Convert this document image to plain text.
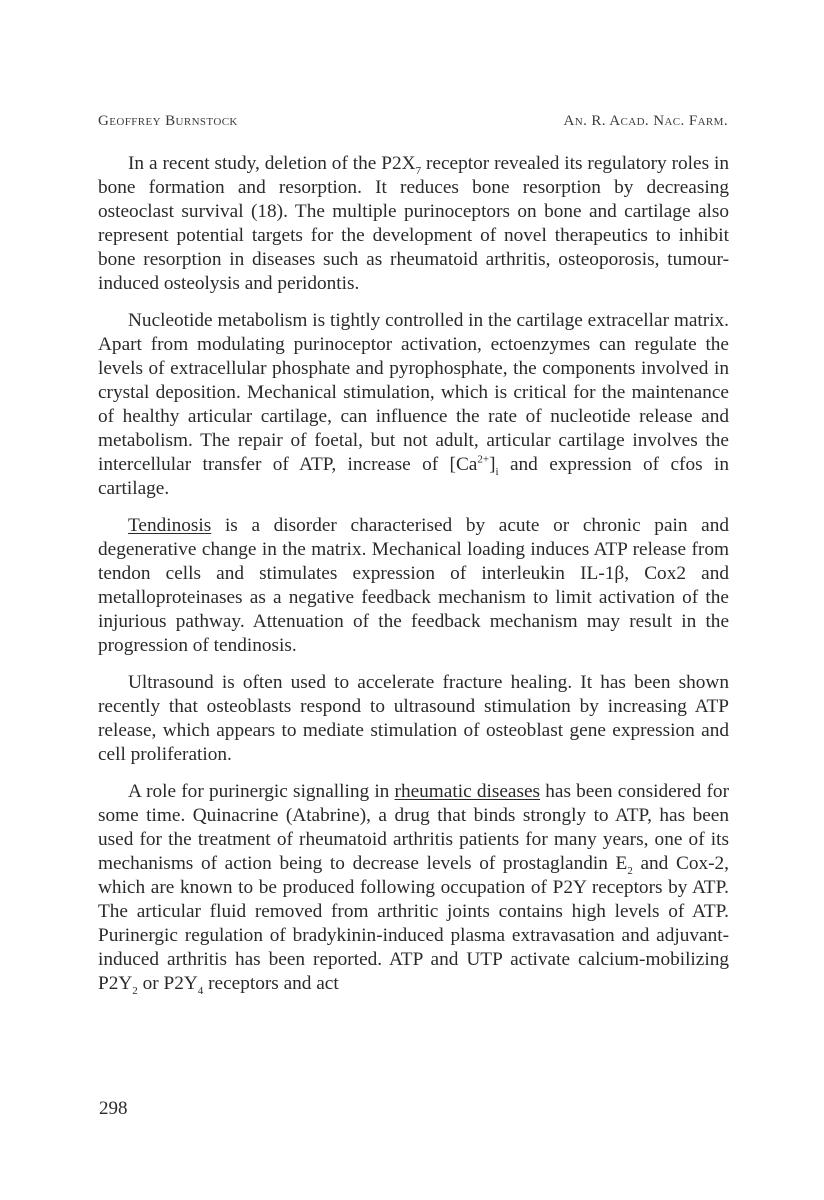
Geoffrey Burnstock	An. R. Acad. Nac. Farm.

In a recent study, deletion of the $P2X_7$ receptor revealed its regulatory roles in bone formation and resorption. It reduces bone resorption by decreasing osteoclast survival (18). The multiple purinoceptors on bone and cartilage also represent potential targets for the development of novel therapeutics to inhibit bone resorption in diseases such as rheumatoid arthritis, osteoporosis, tumour-induced osteolysis and peridontis.

Nucleotide metabolism is tightly controlled in the cartilage extracellar matrix. Apart from modulating purinoceptor activation, ectoenzymes can regulate the levels of extracellular phosphate and pyrophosphate, the components involved in crystal deposition. Mechanical stimulation, which is critical for the maintenance of healthy articular cartilage, can influence the rate of nucleotide release and metabolism. The repair of foetal, but not adult, articular cartilage involves the intercellular transfer of ATP, increase of $[Ca^{2+}]_i$ and expression of cfos in cartilage.

Tendinosis is a disorder characterised by acute or chronic pain and degenerative change in the matrix. Mechanical loading induces ATP release from tendon cells and stimulates expression of interleukin IL-1β, Cox2 and metalloproteinases as a negative feedback mechanism to limit activation of the injurious pathway. Attenuation of the feedback mechanism may result in the progression of tendinosis.

Ultrasound is often used to accelerate fracture healing. It has been shown recently that osteoblasts respond to ultrasound stimulation by increasing ATP release, which appears to mediate stimulation of osteoblast gene expression and cell proliferation.

A role for purinergic signalling in rheumatic diseases has been considered for some time. Quinacrine (Atabrine), a drug that binds strongly to ATP, has been used for the treatment of rheumatoid arthritis patients for many years, one of its mechanisms of action being to decrease levels of prostaglandin $E_2$ and Cox-2, which are known to be produced following occupation of P2Y receptors by ATP. The articular fluid removed from arthritic joints contains high levels of ATP. Purinergic regulation of bradykinin-induced plasma extravasation and adjuvant-induced arthritis has been reported. ATP and UTP activate calcium-mobilizing $P2Y_2$ or $P2Y_4$ receptors and act

298
